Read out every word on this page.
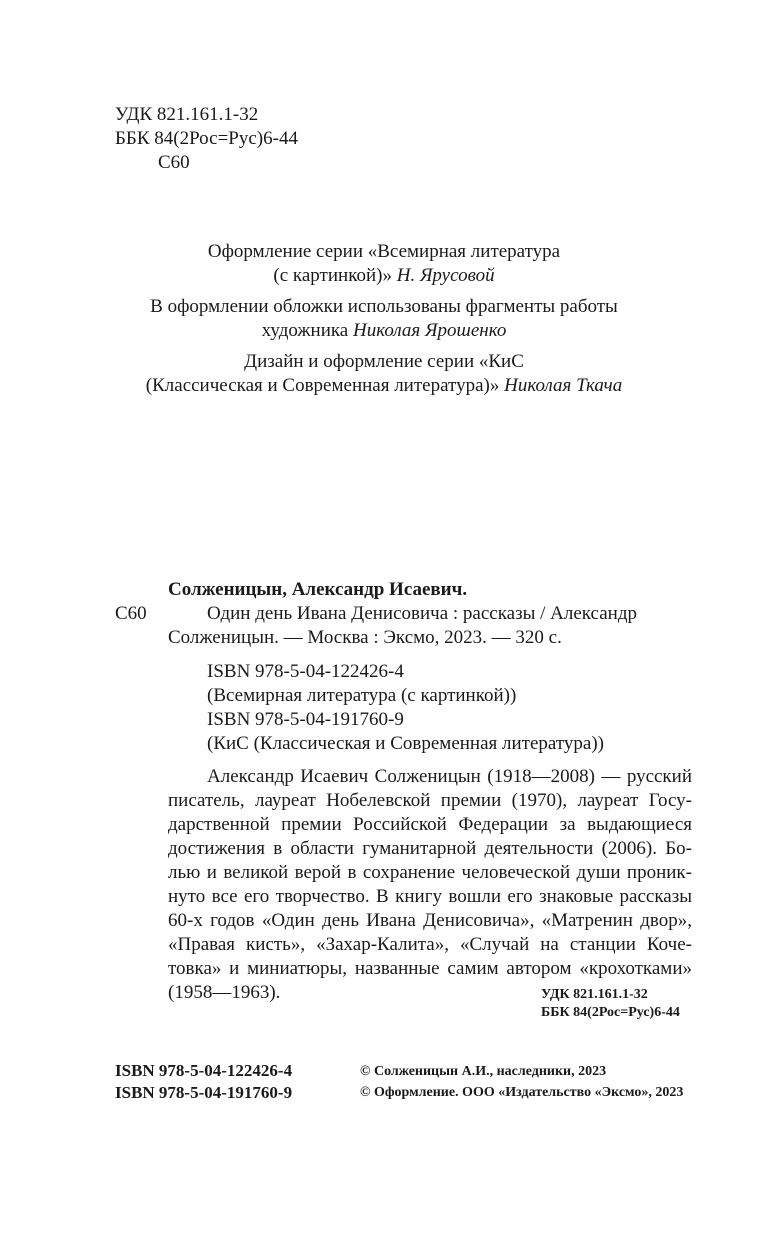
УДК 821.161.1-32
ББК 84(2Рос=Рус)6-44
С60
Оформление серии «Всемирная литература
(с картинкой)» Н. Ярусовой
В оформлении обложки использованы фрагменты работы
художника Николая Ярошенко
Дизайн и оформление серии «КиС
(Классическая и Современная литература)» Николая Ткача
Солженицын, Александр Исаевич.
С60	Один день Ивана Денисовича : рассказы / Александр
Солженицын. — Москва : Эксмо, 2023. — 320 с.
ISBN 978-5-04-122426-4
(Всемирная литература (с картинкой))
ISBN 978-5-04-191760-9
(КиС (Классическая и Современная литература))
Александр Исаевич Солженицын (1918—2008) — русский
писатель, лауреат Нобелевской премии (1970), лауреат Госу-
дарственной премии Российской Федерации за выдающиеся
достижения в области гуманитарной деятельности (2006). Бо-
лью и великой верой в сохранение человеческой души проник-
нуто все его творчество. В книгу вошли его знаковые рассказы
60-х годов «Один день Ивана Денисовича», «Матренин двор»,
«Правая кисть», «Захар-Калита», «Случай на станции Коче-
товка» и миниатюры, названные самим автором «крохотками»
(1958—1963).	УДК 821.161.1-32
ББК 84(2Рос=Рус)6-44
ISBN 978-5-04-122426-4
ISBN 978-5-04-191760-9
© Солженицын А.И., наследники, 2023
© Оформление. ООО «Издательство «Эксмо», 2023
